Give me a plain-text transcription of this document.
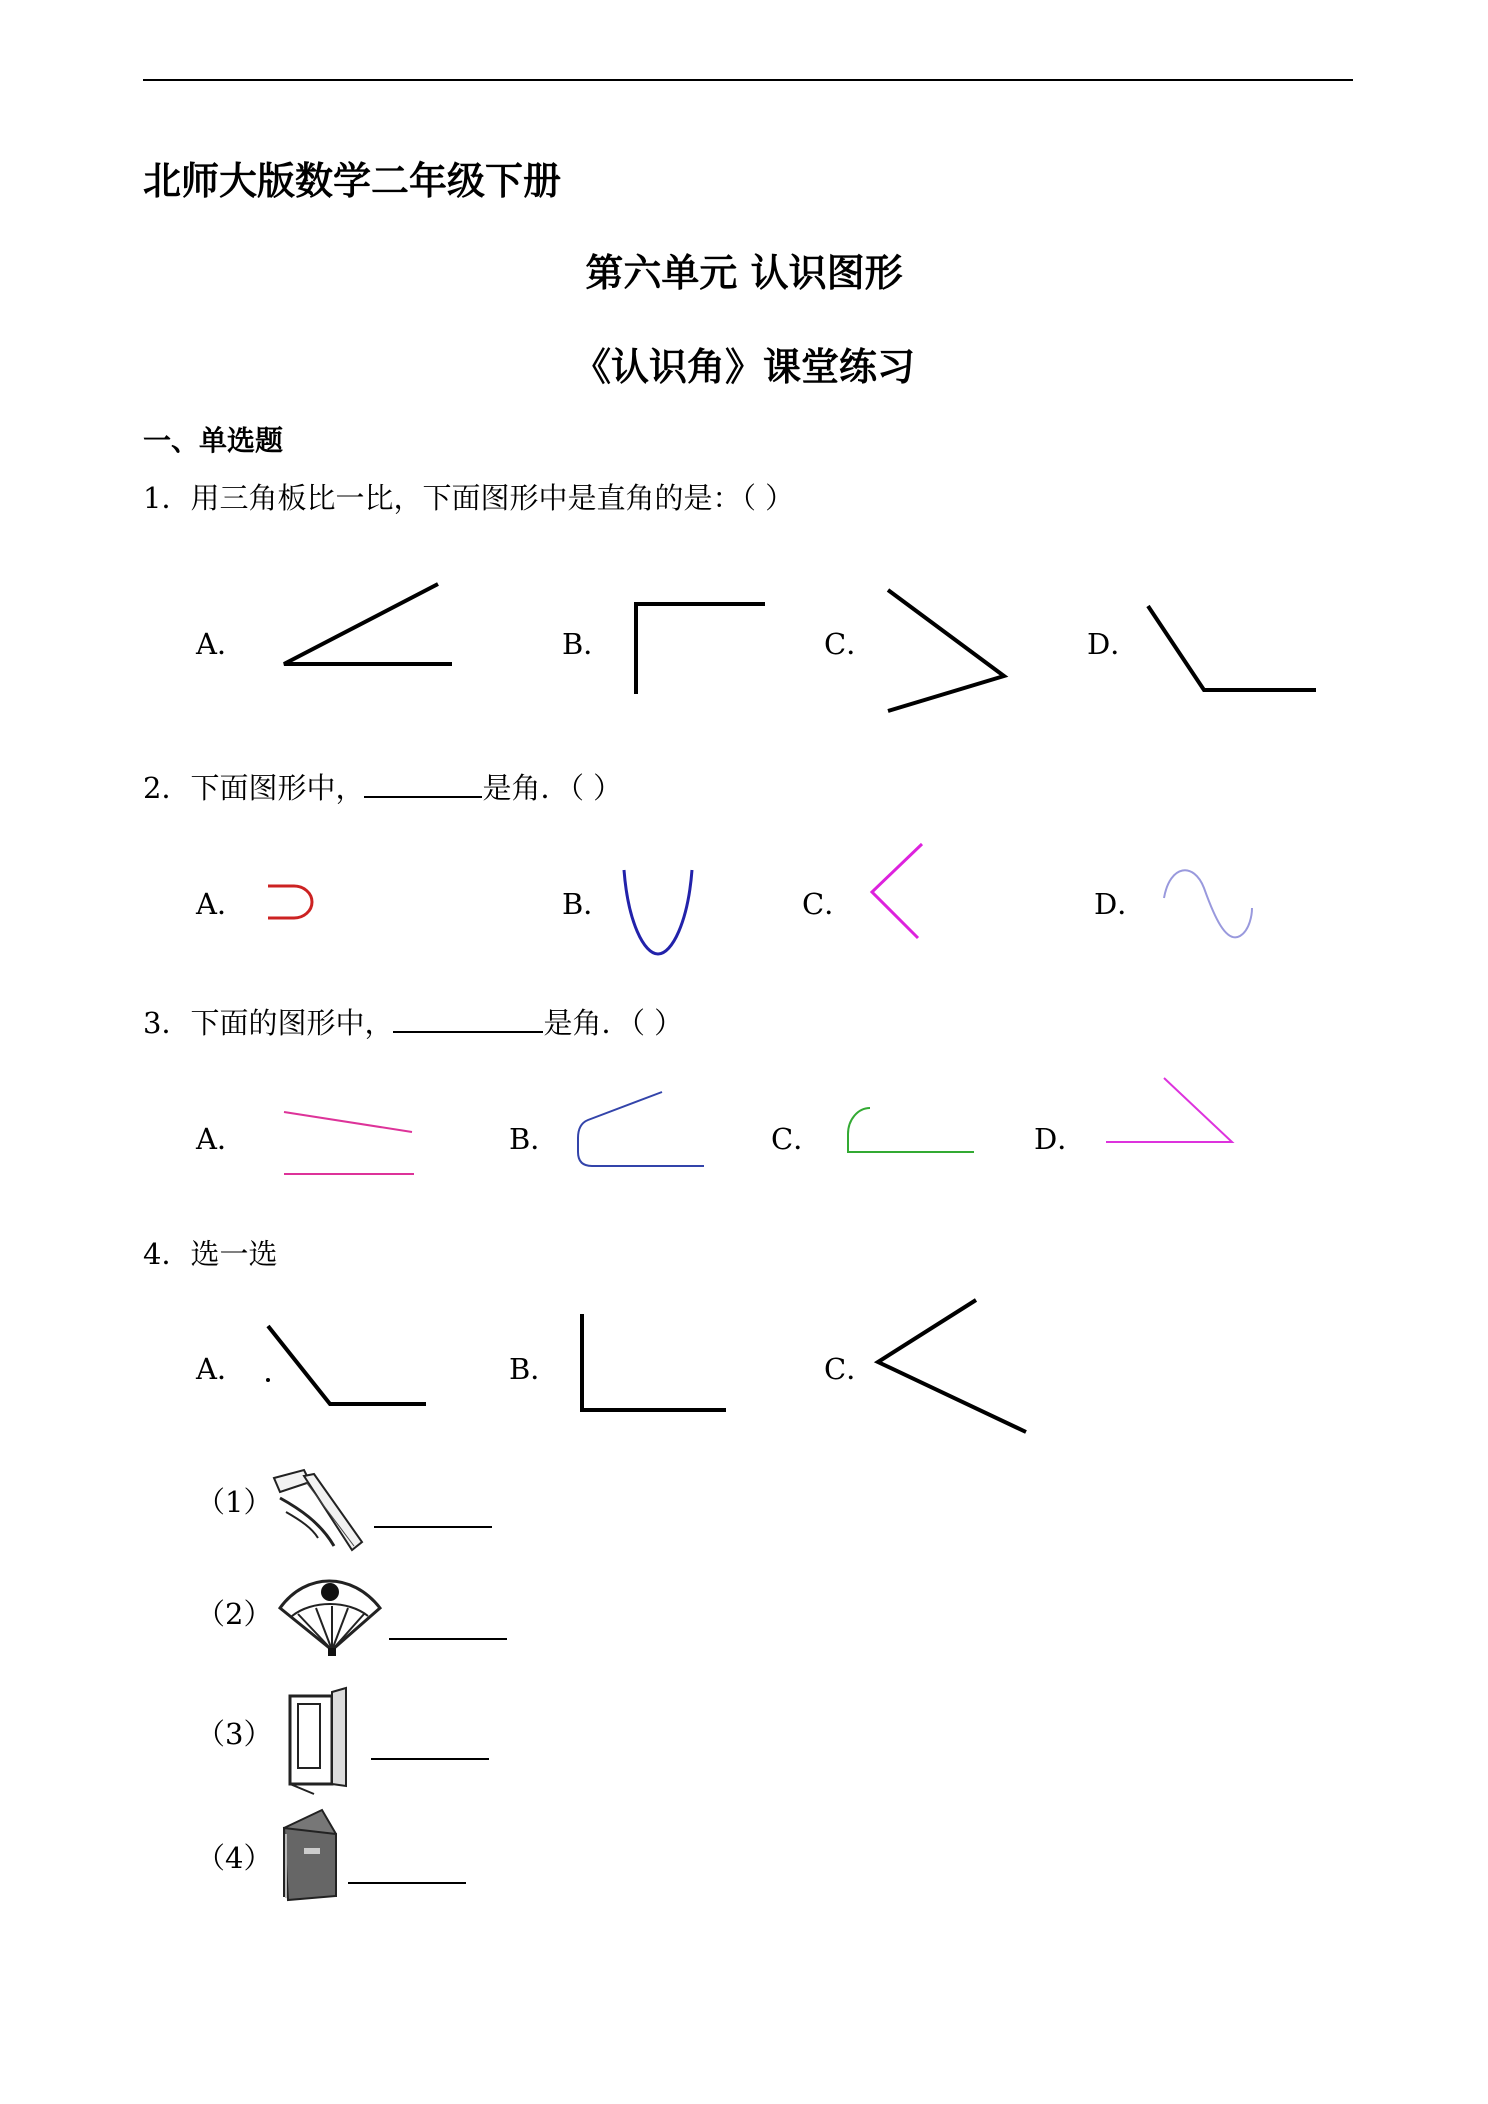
北师大版数学二年级下册
第六单元 认识图形
《认识角》课堂练习
一、单选题
1．用三角板比一比，下面图形中是直角的是：（ ）
A．	B．	C．	D．
2．下面图形中，	是角．（ ）
A．	B．	C．	D．
3．下面的图形中，	是角．（ ）
A．	B．	C．	D．
4．选一选
A．	B．	C．
（1）
（2）
（3）
（4）
